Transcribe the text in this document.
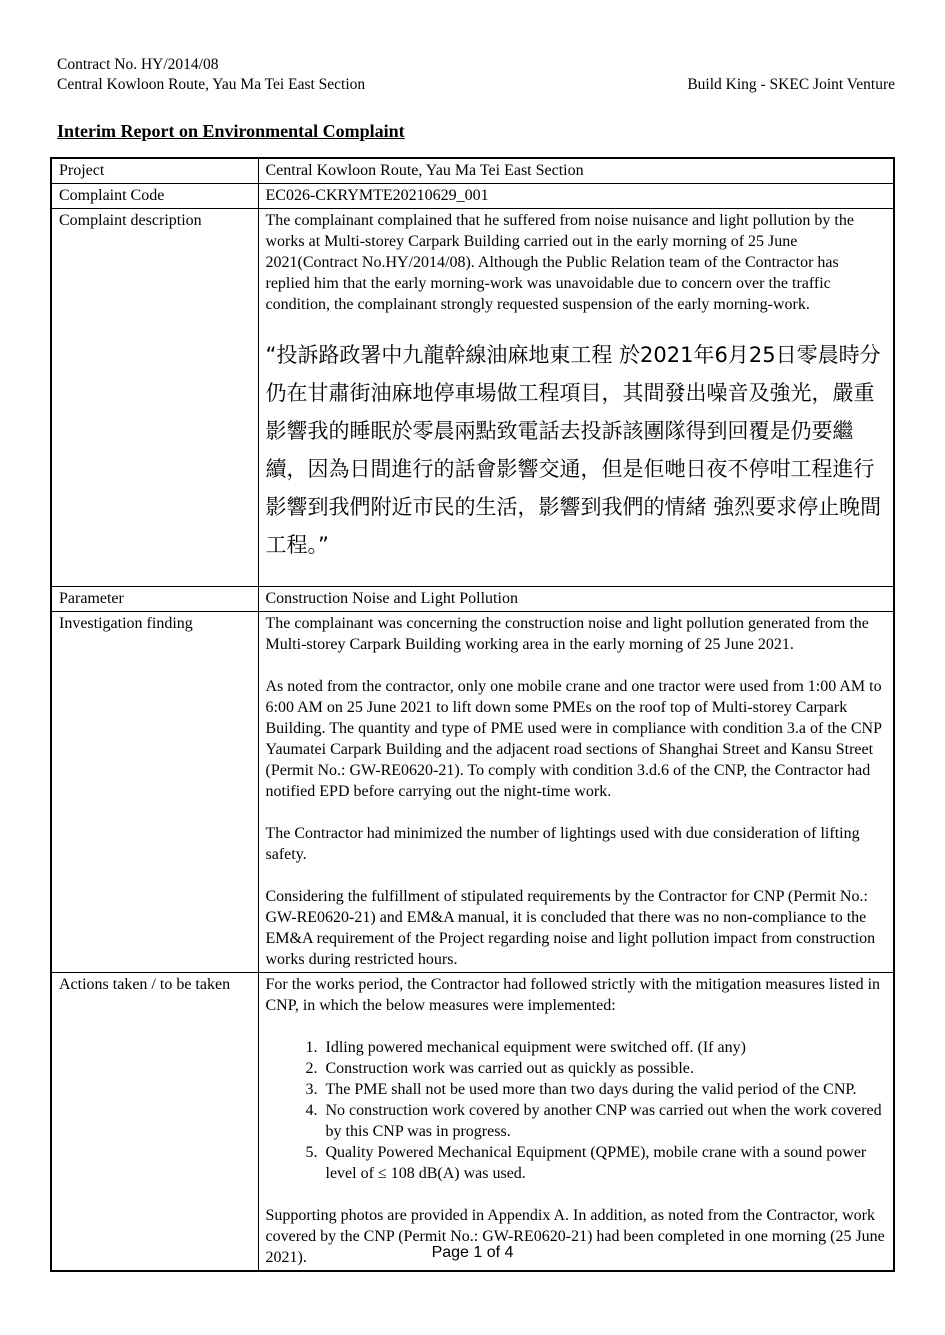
Contract No. HY/2014/08
Central Kowloon Route, Yau Ma Tei East Section	Build King - SKEC Joint Venture
Interim Report on Environmental Complaint
Project	Central Kowloon Route, Yau Ma Tei East Section
Complaint Code	EC026-CKRYMTE20210629_001
Complaint description	The complainant complained that he suffered from noise nuisance and light pollution by the works at Multi-storey Carpark Building carried out in the early morning of 25 June 2021(Contract No.HY/2014/08). Although the Public Relation team of the Contractor has replied him that the early morning-work was unavoidable due to concern over the traffic condition, the complainant strongly requested suspension of the early morning-work.

“投訴路政署中九龍幹線油麻地東工程 於2021年6月25日零晨時分仍在甘肅街油麻地停車場做工程項目，其間發出噪音及強光，嚴重影響我的睡眠於零晨兩點致電話去投訴該團隊得到回覆是仍要繼續，因為日間進行的話會影響交通，但是佢哋日夜不停咁工程進行影響到我們附近市民的生活，影響到我們的情緒 強烈要求停止晚間工程。”

Parameter	Construction Noise and Light Pollution
Investigation finding	The complainant was concerning the construction noise and light pollution generated from the Multi-storey Carpark Building working area in the early morning of 25 June 2021.

As noted from the contractor, only one mobile crane and one tractor were used from 1:00 AM to 6:00 AM on 25 June 2021 to lift down some PMEs on the roof top of Multi-storey Carpark Building. The quantity and type of PME used were in compliance with condition 3.a of the CNP Yaumatei Carpark Building and the adjacent road sections of Shanghai Street and Kansu Street (Permit No.: GW-RE0620-21). To comply with condition 3.d.6 of the CNP, the Contractor had notified EPD before carrying out the night-time work.

The Contractor had minimized the number of lightings used with due consideration of lifting safety.

Considering the fulfillment of stipulated requirements by the Contractor for CNP (Permit No.: GW-RE0620-21) and EM&A manual, it is concluded that there was no non-compliance to the EM&A requirement of the Project regarding noise and light pollution impact from construction works during restricted hours.

Actions taken / to be taken	For the works period, the Contractor had followed strictly with the mitigation measures listed in CNP, in which the below measures were implemented:

1. Idling powered mechanical equipment were switched off. (If any)
2. Construction work was carried out as quickly as possible.
3. The PME shall not be used more than two days during the valid period of the CNP.
4. No construction work covered by another CNP was carried out when the work covered by this CNP was in progress.
5. Quality Powered Mechanical Equipment (QPME), mobile crane with a sound power level of ≤ 108 dB(A) was used.

Supporting photos are provided in Appendix A. In addition, as noted from the Contractor, work covered by the CNP (Permit No.: GW-RE0620-21) had been completed in one morning (25 June 2021).	Page 1 of 4
